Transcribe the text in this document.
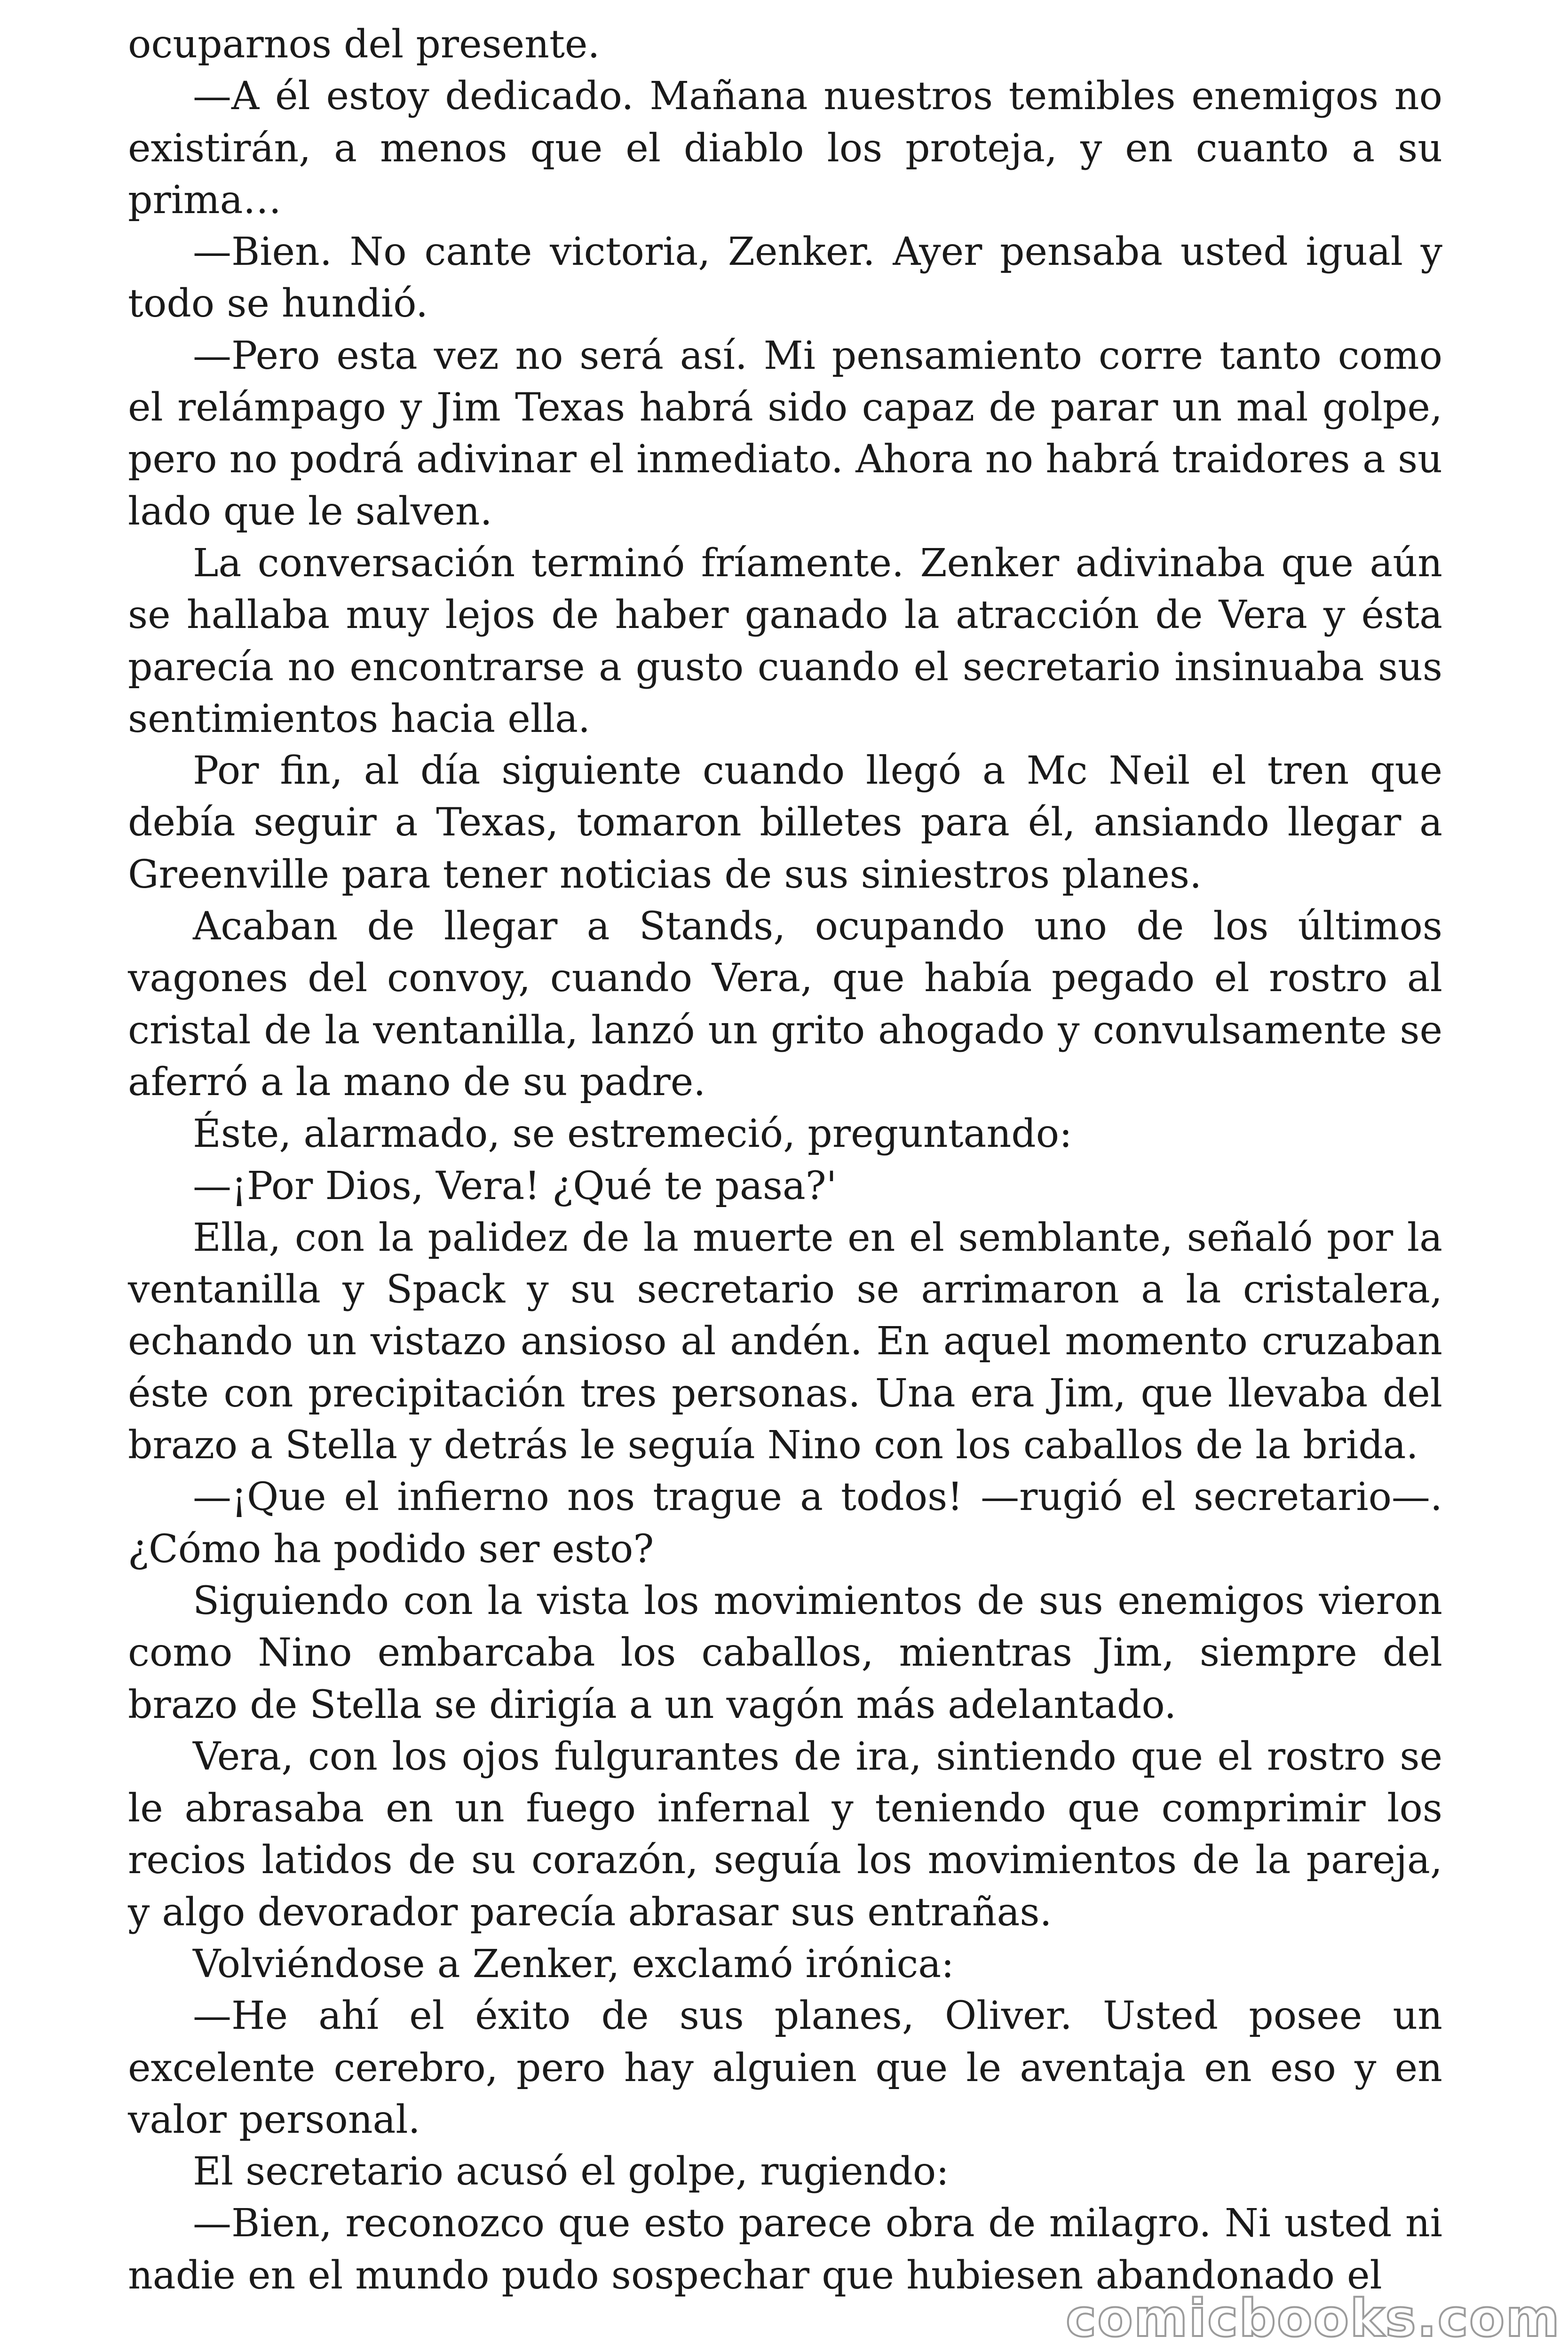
ocuparnos del presente.

—A él estoy dedicado. Mañana nuestros temibles enemigos no existirán, a menos que el diablo los proteja, y en cuanto a su prima…

—Bien. No cante victoria, Zenker. Ayer pensaba usted igual y todo se hundió.

—Pero esta vez no será así. Mi pensamiento corre tanto como el relámpago y Jim Texas habrá sido capaz de parar un mal golpe, pero no podrá adivinar el inmediato. Ahora no habrá traidores a su lado que le salven.

La conversación terminó fríamente. Zenker adivinaba que aún se hallaba muy lejos de haber ganado la atracción de Vera y ésta parecía no encontrarse a gusto cuando el secretario insinuaba sus sentimientos hacia ella.

Por fin, al día siguiente cuando llegó a Mc Neil el tren que debía seguir a Texas, tomaron billetes para él, ansiando llegar a Greenville para tener noticias de sus siniestros planes.

Acaban de llegar a Stands, ocupando uno de los últimos vagones del convoy, cuando Vera, que había pegado el rostro al cristal de la ventanilla, lanzó un grito ahogado y convulsamente se aferró a la mano de su padre.

Éste, alarmado, se estremeció, preguntando:

—¡Por Dios, Vera! ¿Qué te pasa?'

Ella, con la palidez de la muerte en el semblante, señaló por la ventanilla y Spack y su secretario se arrimaron a la cristalera, echando un vistazo ansioso al andén. En aquel momento cruzaban éste con precipitación tres personas. Una era Jim, que llevaba del brazo a Stella y detrás le seguía Nino con los caballos de la brida.

—¡Que el infierno nos trague a todos! —rugió el secretario—. ¿Cómo ha podido ser esto?

Siguiendo con la vista los movimientos de sus enemigos vieron como Nino embarcaba los caballos, mientras Jim, siempre del brazo de Stella se dirigía a un vagón más adelantado.

Vera, con los ojos fulgurantes de ira, sintiendo que el rostro se le abrasaba en un fuego infernal y teniendo que comprimir los recios latidos de su corazón, seguía los movimientos de la pareja, y algo devorador parecía abrasar sus entrañas.

Volviéndose a Zenker, exclamó irónica:

—He ahí el éxito de sus planes, Oliver. Usted posee un excelente cerebro, pero hay alguien que le aventaja en eso y en valor personal.

El secretario acusó el golpe, rugiendo:

—Bien, reconozco que esto parece obra de milagro. Ni usted ni nadie en el mundo pudo sospechar que hubiesen abandonado el

comicbooks.com
